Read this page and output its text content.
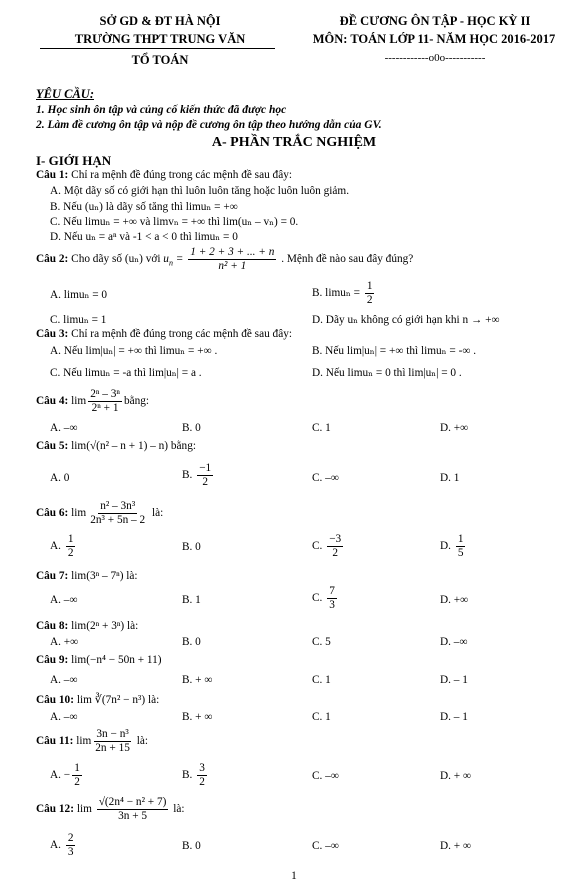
SỞ GD & ĐT HÀ NỘI
TRƯỜNG THPT TRUNG VĂN
TỔ TOÁN
ĐỀ CƯƠNG ÔN TẬP - HỌC KỲ II
MÔN: TOÁN LỚP 11- NĂM HỌC 2016-2017
------------o0o-----------
YÊU CẦU:
1. Học sinh ôn tập và củng cố kiến thức đã được học
2. Làm đề cương ôn tập và nộp đề cương ôn tập theo hướng dẫn của GV.
A- PHẦN TRẮC NGHIỆM
I- GIỚI HẠN
Câu 1: Chỉ ra mệnh đề đúng trong các mệnh đề sau đây:
A. Một dãy số có giới hạn thì luôn luôn tăng hoặc luôn luôn giảm.
B. Nếu (uₙ) là dãy số tăng thì limuₙ = +∞
C. Nếu limuₙ = +∞ và limvₙ = +∞ thì lim(uₙ – vₙ) = 0.
D. Nếu uₙ = aⁿ và -1 < a < 0 thì limuₙ = 0
Câu 2: Cho dãy số (uₙ) với $u_n = \frac{1 + 2 + 3 + ... + n}{\text{n² + 1}}$ . Mệnh đề nào sau đây đúng?
A. limuₙ = 0	B. $\lim u_n = \frac{1}{2}$
C. limuₙ = 1	D. Dãy uₙ không có giới hạn khi n → +∞
Câu 3: Chỉ ra mệnh đề đúng trong các mệnh đề sau đây:
A. Nếu lim|uₙ| = +∞ thì limuₙ = +∞ .	B. Nếu lim|uₙ| = +∞ thì limuₙ = -∞ .
C. Nếu limuₙ = -a thì lim|uₙ| = a .	D. Nếu limuₙ = 0 thì lim|uₙ| = 0 .
Câu 4: $\lim \frac{\text{2ⁿ – 3ⁿ}}{\text{2ⁿ + 1}}$ bằng:
A. –∞	B. 0	C. 1	D. +∞
Câu 5: lim(√(n² – n + 1) – n) bằng:
A. 0	B. $\frac{-1}{2}$	C. –∞	D. 1
Câu 6: $\lim \frac{\text{n² – 3n³}}{\text{2n³ + 5n – 2}}$ là:
A. $\frac{1}{2}$	B. 0	C. $\frac{-3}{2}$	D. $\frac{1}{5}$
Câu 7: lim(3ⁿ – 7ⁿ) là:
A. –∞	B. 1	C. $\frac{7}{3}$	D. +∞
Câu 8: lim(2ⁿ + 3ⁿ) là:
A. +∞	B. 0	C. 5	D. –∞
Câu 9: lim(−n⁴ − 50n + 11)
A. –∞	B. + ∞	C. 1	D. – 1
Câu 10: lim ∛(7n² − n³) là:
A. –∞	B. + ∞	C. 1	D. – 1
Câu 11: $\lim \frac{\text{3n − n³}}{2n + 15}$ là:
A. − $\frac{1}{2}$	B. $\frac{3}{2}$	C. –∞	D. + ∞
Câu 12: $\lim \frac{\text{√(2n⁴ − n² + 7)}}{3n + 5}$ là:
A. $\frac{2}{3}$	B. 0	C. –∞	D. + ∞
1
